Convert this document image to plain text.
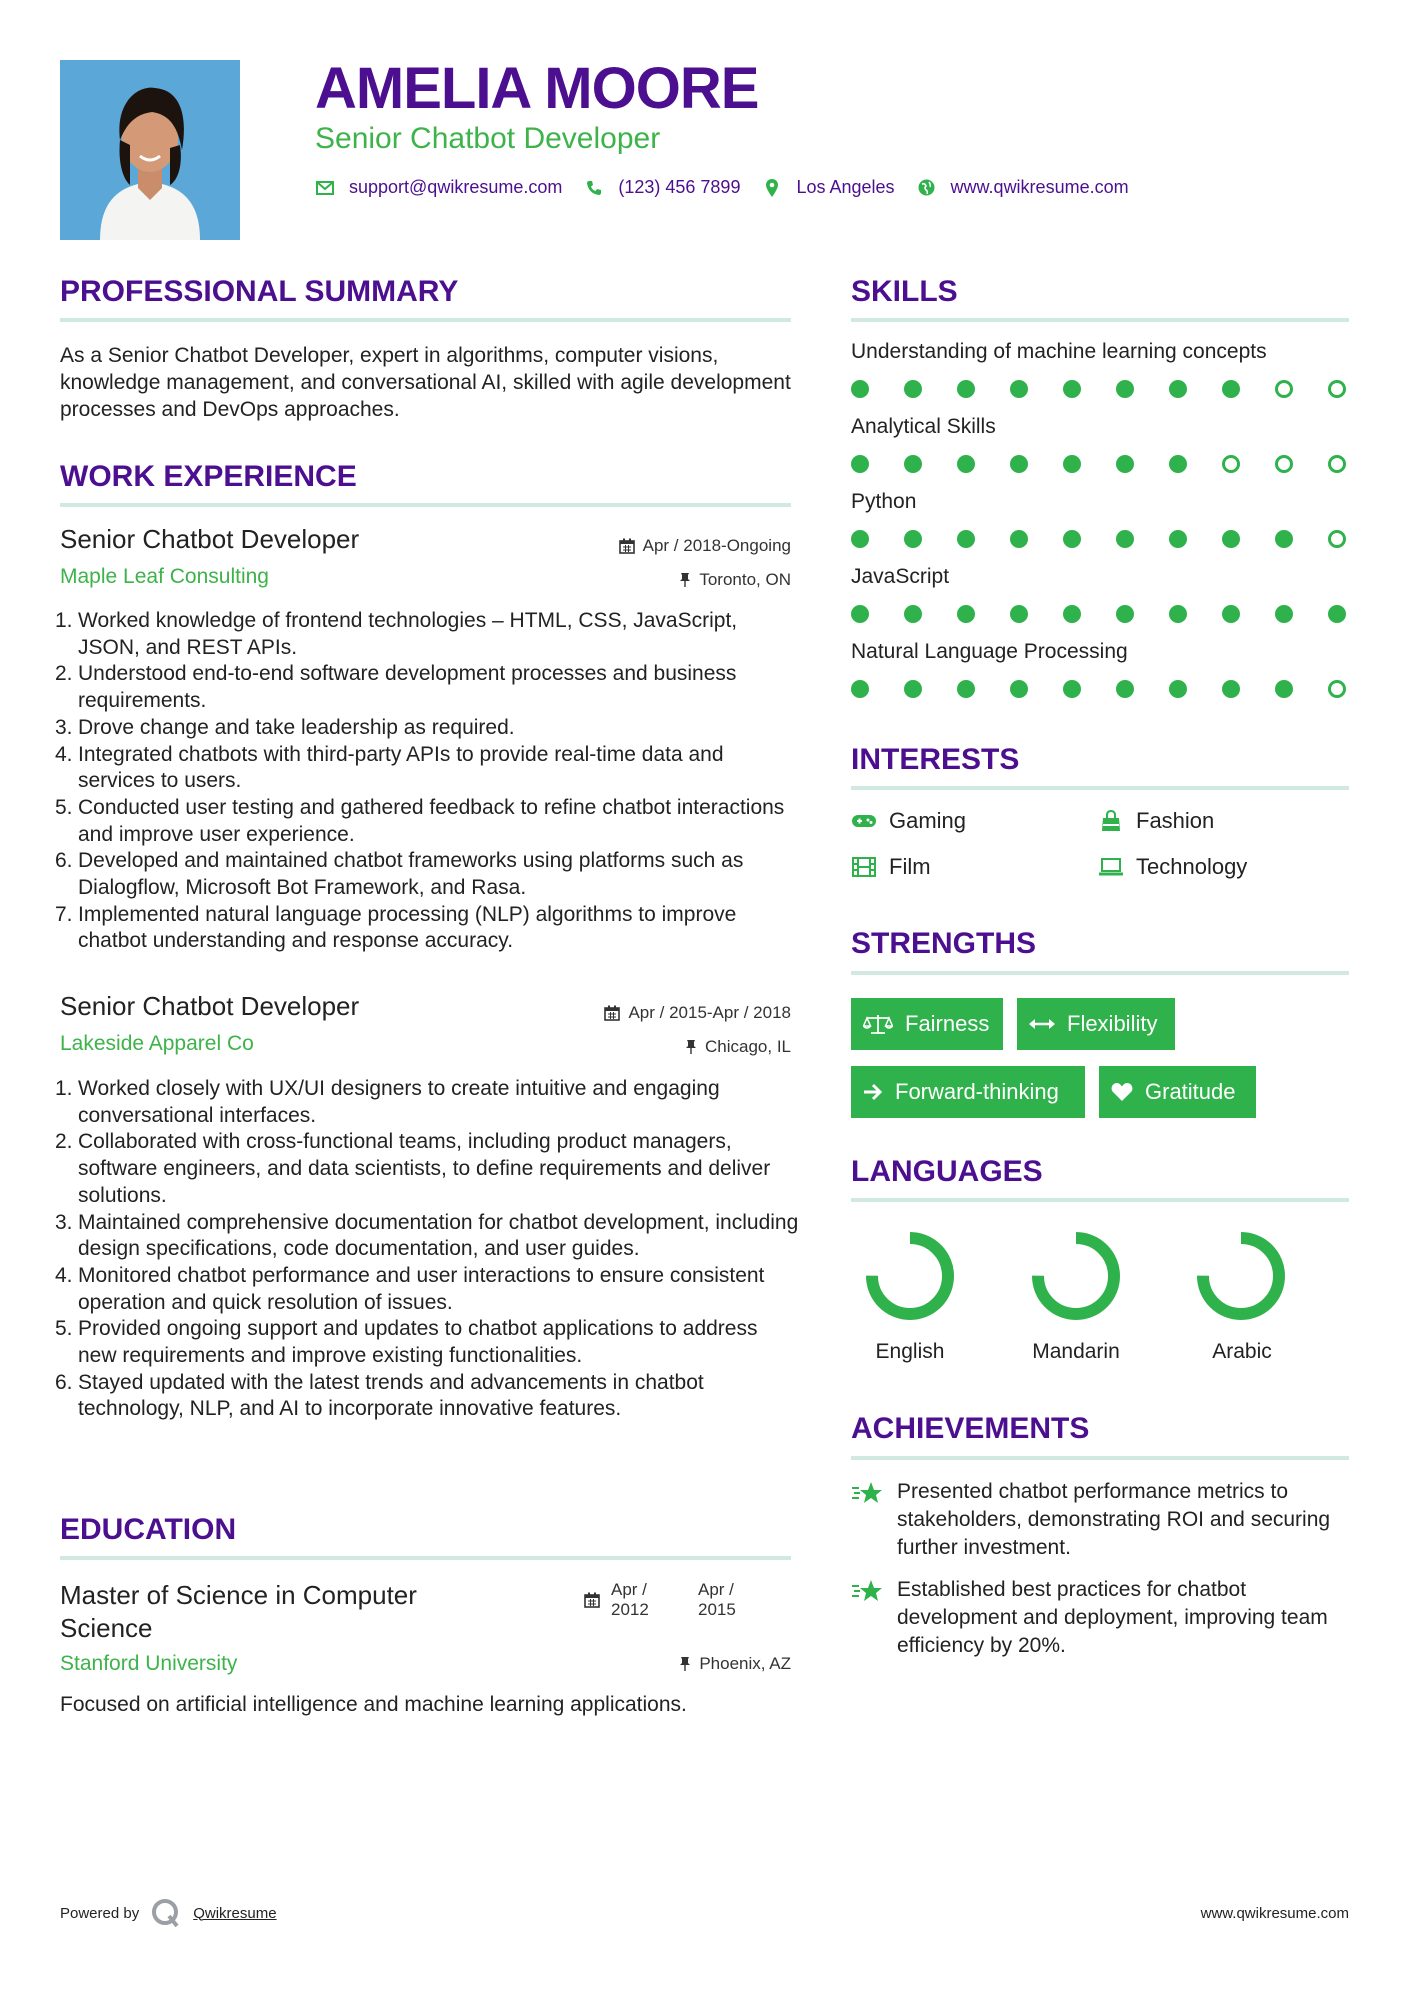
AMELIA MOORE
Senior Chatbot Developer
support@qwikresume.com	(123) 456 7899	Los Angeles	www.qwikresume.com
PROFESSIONAL SUMMARY
As a Senior Chatbot Developer, expert in algorithms, computer visions, knowledge management, and conversational AI, skilled with agile development processes and DevOps approaches.
WORK EXPERIENCE
Senior Chatbot Developer
Maple Leaf Consulting
Apr / 2018-Ongoing
Toronto, ON
1. Worked knowledge of frontend technologies – HTML, CSS, JavaScript, JSON, and REST APIs.
2. Understood end-to-end software development processes and business requirements.
3. Drove change and take leadership as required.
4. Integrated chatbots with third-party APIs to provide real-time data and services to users.
5. Conducted user testing and gathered feedback to refine chatbot interactions and improve user experience.
6. Developed and maintained chatbot frameworks using platforms such as Dialogflow, Microsoft Bot Framework, and Rasa.
7. Implemented natural language processing (NLP) algorithms to improve chatbot understanding and response accuracy.
Senior Chatbot Developer
Lakeside Apparel Co
Apr / 2015-Apr / 2018
Chicago, IL
1. Worked closely with UX/UI designers to create intuitive and engaging conversational interfaces.
2. Collaborated with cross-functional teams, including product managers, software engineers, and data scientists, to define requirements and deliver solutions.
3. Maintained comprehensive documentation for chatbot development, including design specifications, code documentation, and user guides.
4. Monitored chatbot performance and user interactions to ensure consistent operation and quick resolution of issues.
5. Provided ongoing support and updates to chatbot applications to address new requirements and improve existing functionalities.
6. Stayed updated with the latest trends and advancements in chatbot technology, NLP, and AI to incorporate innovative features.
EDUCATION
Master of Science in Computer Science
Stanford University
Apr / 2012
Apr / 2015
Phoenix, AZ
Focused on artificial intelligence and machine learning applications.
SKILLS
Understanding of machine learning concepts
Analytical Skills
Python
JavaScript
Natural Language Processing
INTERESTS
Gaming	Fashion
Film	Technology
STRENGTHS
Fairness	Flexibility
Forward-thinking	Gratitude
LANGUAGES
English	Mandarin	Arabic
ACHIEVEMENTS
Presented chatbot performance metrics to stakeholders, demonstrating ROI and securing further investment.
Established best practices for chatbot development and deployment, improving team efficiency by 20%.
Powered by	Qwikresume	www.qwikresume.com
